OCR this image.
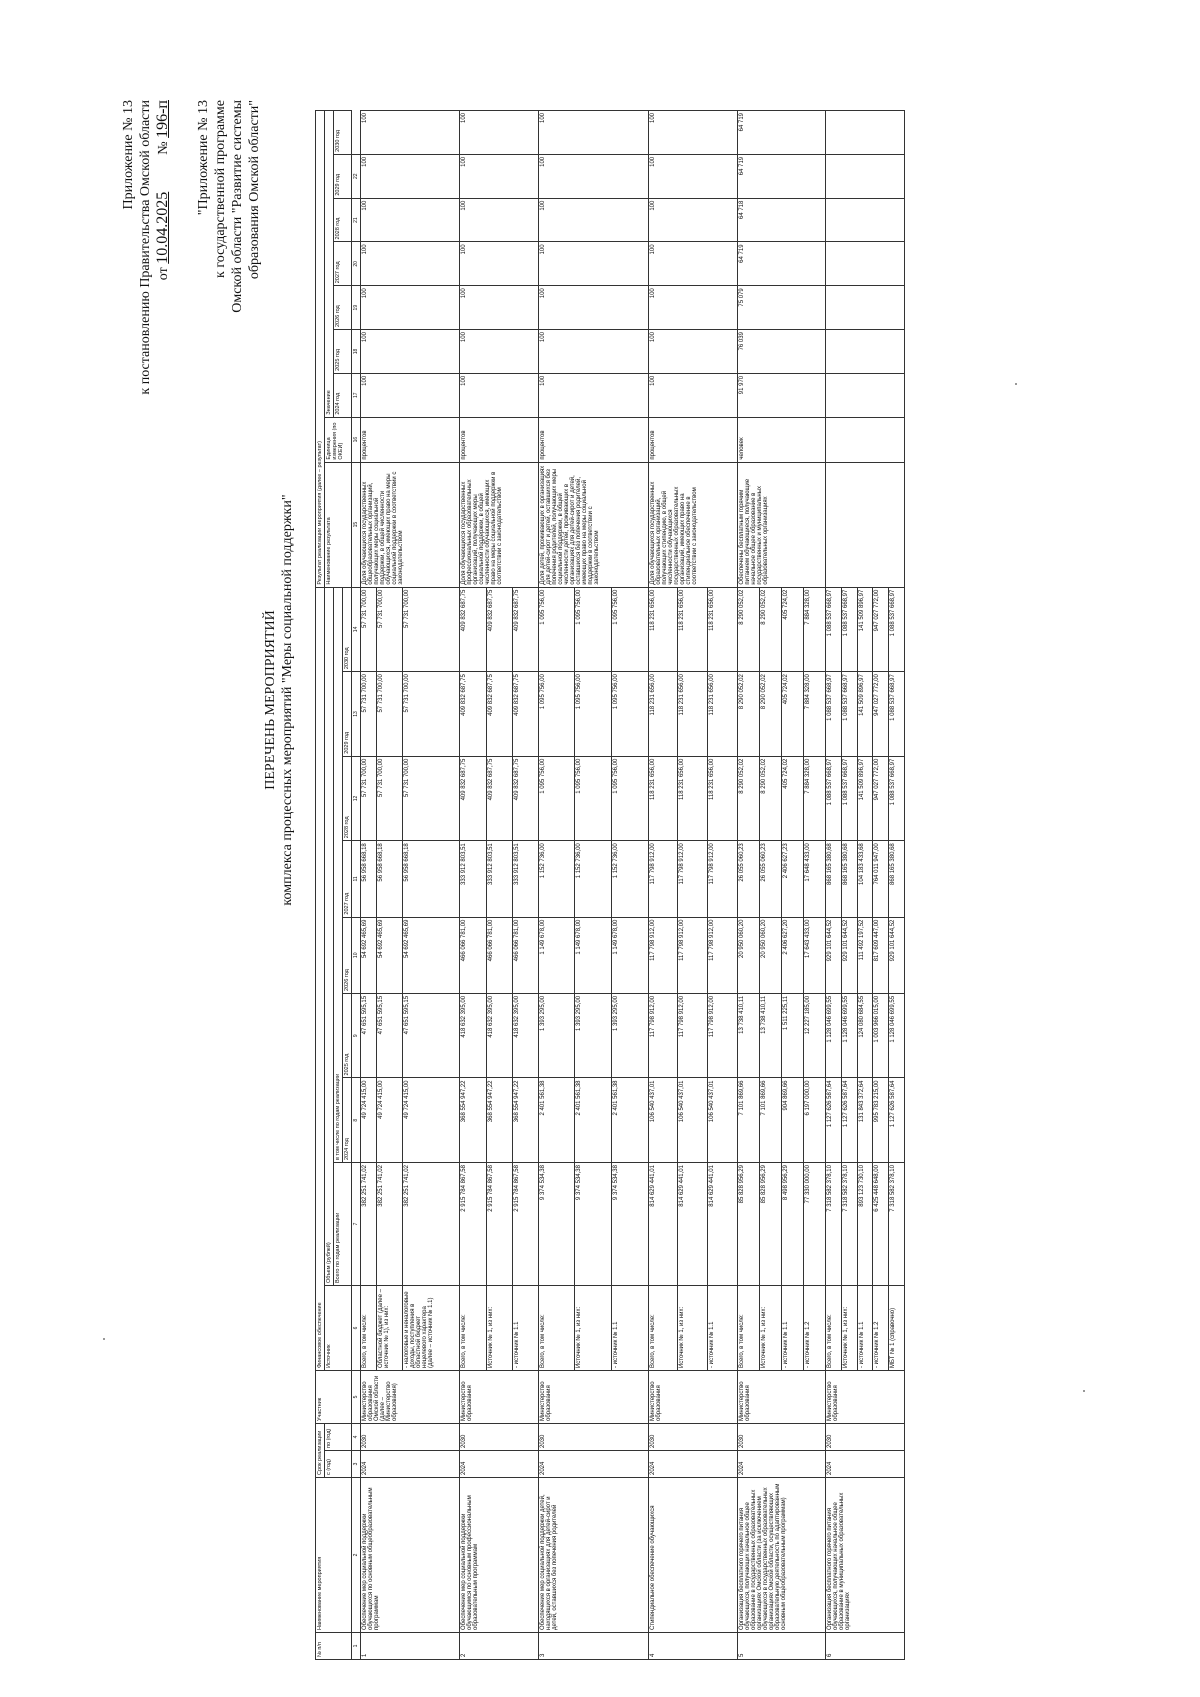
Приложение № 13 к постановлению Правительства Омской области от 10.04.2025  № 196-п "Приложение № 13 к государственной программе Омской области "Развитие системы образования Омской области"
ПЕРЕЧЕНЬ МЕРОПРИЯТИЙ комплекса процессных мероприятий "Меры социальной поддержки"
№ п/п	Наименование мероприятия	Срок реализации		Участник	Финансовое обеспечение									Результат реализации мероприятия (далее – результат)								
		с (год)	по (год)		Источник	Объем (рублей)								Наименование результата	Единица измерения (по ОКЕИ)	Значение						
						Всего по годам реализации	в том числе по годам реализации									2024 год	2025 год	2026 год	2027 год	2028 год	2029 год	2030 год
							2024 год	2025 год	2026 год	2027 год	2028 год	2029 год	2030 год									
1	2	3	4	5	6	7	8	9	10	11	12	13	14	15	16	17	18	19	20	21	22	
1	Обеспечение мер социальной поддержки обучающихся по основным общеобразовательным программам	2024	2030	Министерство образования Омской области (далее – Министерство образования)	Всего, в том числе:	382 251 741,02	49 724 415,00	47 651 595,15	54 692 465,69	56 958 668,18	57 731 700,00	57 731 700,00	57 731 700,00	Доля обучающихся государственных общеобразовательных организаций, получающих меры социальной поддержки, в общей численности обучающихся, имеющих право на меры социальной поддержки в соответствии с законодательством	процентов	100	100	100	100	100	100	100
					Областной бюджет (далее – источник № 1), из них:	382 251 741,02	49 724 415,00	47 651 595,15	54 692 465,69	56 958 668,18	57 731 700,00	57 731 700,00	57 731 700,00									
					- налоговые и неналоговые доходы, поступления в областной бюджет нецелевого характера (далее – источник № 1.1)	382 251 741,02	49 724 415,00	47 651 595,15	54 692 465,69	56 958 668,18	57 731 700,00	57 731 700,00	57 731 700,00									
2	Обеспечение мер социальной поддержки обучающимся по основным профессиональным образовательным программам	2024	2030	Министерство образования	Всего, в том числе:	2 915 784 867,58	368 554 947,22	418 632 395,00	466 066 781,00	333 912 803,51	409 832 687,75	409 832 687,75	409 832 687,75	Доля обучающихся государственных профессиональных образовательных организаций, получающих меры социальной поддержки, в общей численности обучающихся, имеющих право на меры социальной поддержки в соответствии с законодательством	процентов	100	100	100	100	100	100	100
					Источник № 1, из них:	2 915 784 867,58	368 554 947,22	418 632 395,00	466 066 781,00	333 912 803,51	409 832 687,75	409 832 687,75	409 832 687,75									
					- источник № 1.1	2 915 784 867,58	368 554 947,22	418 632 395,00	466 066 781,00	333 912 803,51	409 832 687,75	409 832 687,75	409 832 687,75									
3	Обеспечение мер социальной поддержки детей, находящихся в организациях для детей-сирот и детей, оставшихся без попечения родителей	2024	2030	Министерство образования	Всего, в том числе:	9 374 534,38	2 401 561,38	1 393 295,00	1 149 678,00	1 152 736,00	1 095 756,00	1 095 756,00	1 095 756,00	Доля детей, проживающих в организациях для детей-сирот и детей, оставшихся без попечения родителей, получающих меры социальной поддержки, в общей численности детей, проживающих в организациях для детей-сирот и детей, оставшихся без попечения родителей, имеющих право на меры социальной поддержки в соответствии с законодательством	процентов	100	100	100	100	100	100	100
					Источник № 1, из них:	9 374 534,38	2 401 561,38	1 393 295,00	1 149 678,00	1 152 736,00	1 095 756,00	1 095 756,00	1 095 756,00									
					- источник № 1.1	9 374 534,38	2 401 561,38	1 393 295,00	1 149 678,00	1 152 736,00	1 095 756,00	1 095 756,00	1 095 756,00									
4	Стипендиальное обеспечение обучающихся	2024	2030	Министерство образования	Всего, в том числе:	814 629 441,01	106 540 437,01	117 798 912,00	117 798 912,00	117 798 912,00	118 231 656,00	118 231 656,00	118 231 656,00	Доля обучающихся государственных образовательных организаций, получающих стипендию, в общей численности обучающихся государственных образовательных организаций, имеющих право на стипендиальное обеспечение в соответствии с законодательством	процентов	100	100	100	100	100	100	100
					Источник № 1, из них:	814 629 441,01	106 540 437,01	117 798 912,00	117 798 912,00	117 798 912,00	118 231 656,00	118 231 656,00	118 231 656,00									
					- источник № 1.1	814 629 441,01	106 540 437,01	117 798 912,00	117 798 912,00	117 798 912,00	118 231 656,00	118 231 656,00	118 231 656,00									
5	Организация бесплатного горячего питания обучающихся, получающих начальное общее образование в государственных образовательных организациях Омской области (за исключением обучающихся в государственных образовательных организациях Омской области, осуществляющих образовательную деятельность по адаптированным основным общеобразовательным программам)	2024	2030	Министерство образования	Всего, в том числе:	85 828 956,29	7 101 869,66	13 738 410,11	20 950 060,20	26 055 060,23	8 290 052,02	8 290 052,02	8 290 052,02	Обеспечены бесплатным горячим питанием обучающиеся, получающие начальное общее образование в государственных и муниципальных образовательных организациях	человек	91 970	76 039	75 079	64 719	64 718	64 719	64 719
					Источник № 1, из них:	85 828 956,29	7 101 869,66	13 738 410,11	20 950 060,20	26 055 060,23	8 290 052,02	8 290 052,02	8 290 052,02									
					- источник № 1.1	8 498 956,29	904 869,66	1 511 225,11	2 406 627,20	2 406 627,23	405 724,02	405 724,02	405 724,02									
					- источник № 1.2	77 330 000,00	6 197 000,00	12 227 185,00	17 643 433,00	17 648 433,00	7 884 328,00	7 884 328,00	7 884 328,00									
6	Организация бесплатного горячего питания обучающихся, получающих начальное общее образование в муниципальных образовательных организациях	2024	2030	Министерство образования	Всего, в том числе:	7 318 582 378,10	1 127 626 587,64	1 128 046 699,55	929 101 644,52	868 165 380,68	1 088 537 668,97	1 088 537 668,97	1 088 537 668,97									
					Источник № 1, из них:	7 318 582 378,10	1 127 626 587,64	1 128 046 699,55	929 101 644,52	868 165 380,68	1 088 537 668,97	1 088 537 668,97	1 088 537 668,97									
					- источник № 1.1	893 123 730,10	131 843 372,64	124 080 684,55	111 492 197,52	104 183 433,68	141 509 896,97	141 509 896,97	141 509 896,97									
					- источник № 1.2	6 425 448 648,00	995 783 215,00	1 003 966 015,00	817 609 447,00	764 011 947,00	947 027 772,00	947 027 772,00	947 027 772,00									
					МБТ № 1 (справочно)	7 318 582 378,10	1 127 626 587,64	1 128 046 699,55	929 101 644,52	868 165 380,68	1 088 537 668,97	1 088 537 668,97	1 088 537 668,97									
